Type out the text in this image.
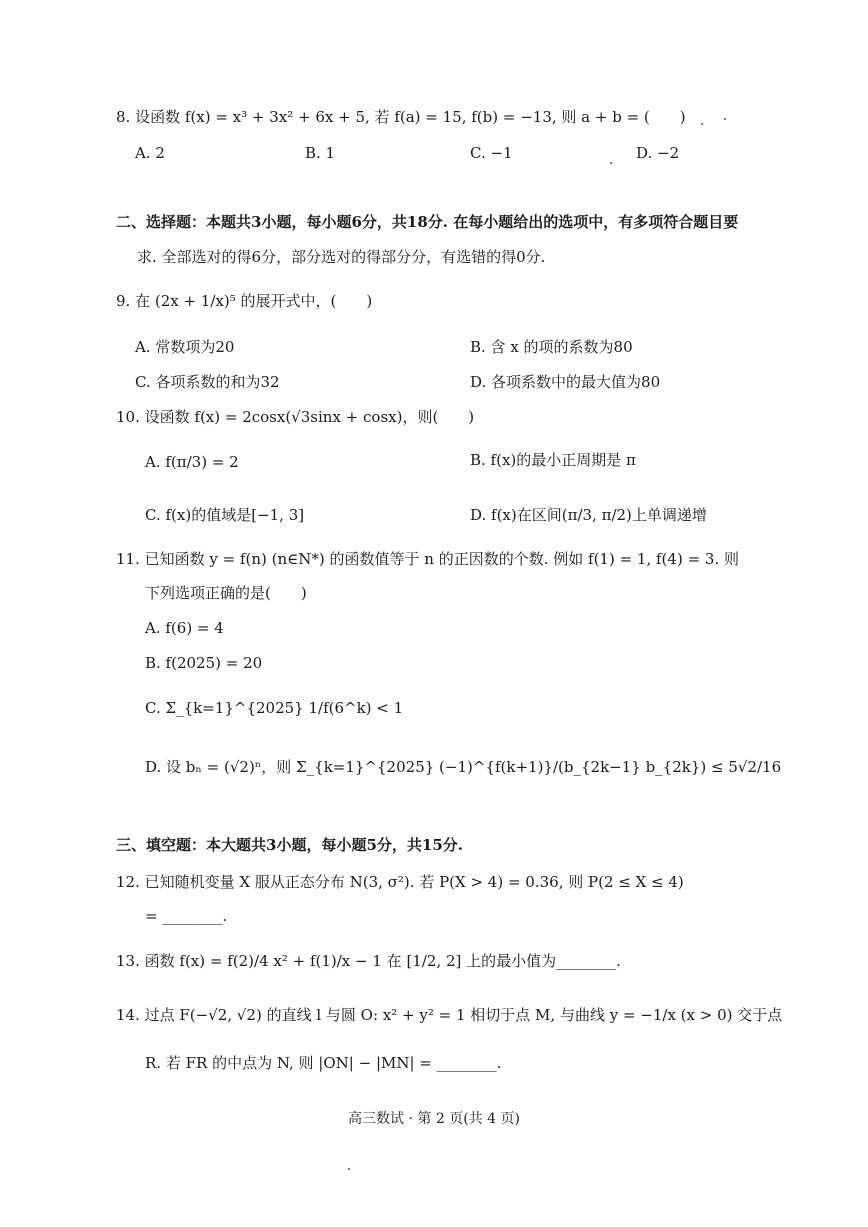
8. 设函数 f(x) = x³ + 3x² + 6x + 5, 若 f(a) = 15, f(b) = −13, 则 a + b = (　　)
A. 2	B. 1	C. −1	D. −2
二、选择题：本题共3小题，每小题6分，共18分. 在每小题给出的选项中，有多项符合题目要
求. 全部选对的得6分，部分选对的得部分分，有选错的得0分.
9. 在 (2x + 1/x)⁵ 的展开式中，(　　)
A. 常数项为20	B. 含 x 的项的系数为80
C. 各项系数的和为32	D. 各项系数中的最大值为80
10. 设函数 f(x) = 2cosx(√3sinx + cosx)，则(　　)
A. f(π/3) = 2	B. f(x)的最小正周期是 π
C. f(x)的值域是[−1, 3]	D. f(x)在区间(π/3, π/2)上单调递增
11. 已知函数 y = f(n) (n∈N*) 的函数值等于 n 的正因数的个数. 例如 f(1) = 1, f(4) = 3. 则
下列选项正确的是(　　)
A. f(6) = 4
B. f(2025) = 20
C. Σ_{k=1}^{2025} 1/f(6^k) < 1
D. 设 bₙ = (√2)ⁿ，则 Σ_{k=1}^{2025} (−1)^{f(k+1)}/(b_{2k−1} b_{2k}) ≤ 5√2/16
三、填空题：本大题共3小题，每小题5分，共15分.
12. 已知随机变量 X 服从正态分布 N(3, σ²). 若 P(X > 4) = 0.36, 则 P(2 ≤ X ≤ 4)
= ________.
13. 函数 f(x) = f(2)/4 x² + f(1)/x − 1 在 [1/2, 2] 上的最小值为________.
14. 过点 F(−√2, √2) 的直线 l 与圆 O: x² + y² = 1 相切于点 M, 与曲线 y = −1/x (x > 0) 交于点
R. 若 FR 的中点为 N, 则 |ON| − |MN| = ________.
高三数试 · 第 2 页(共 4 页)
